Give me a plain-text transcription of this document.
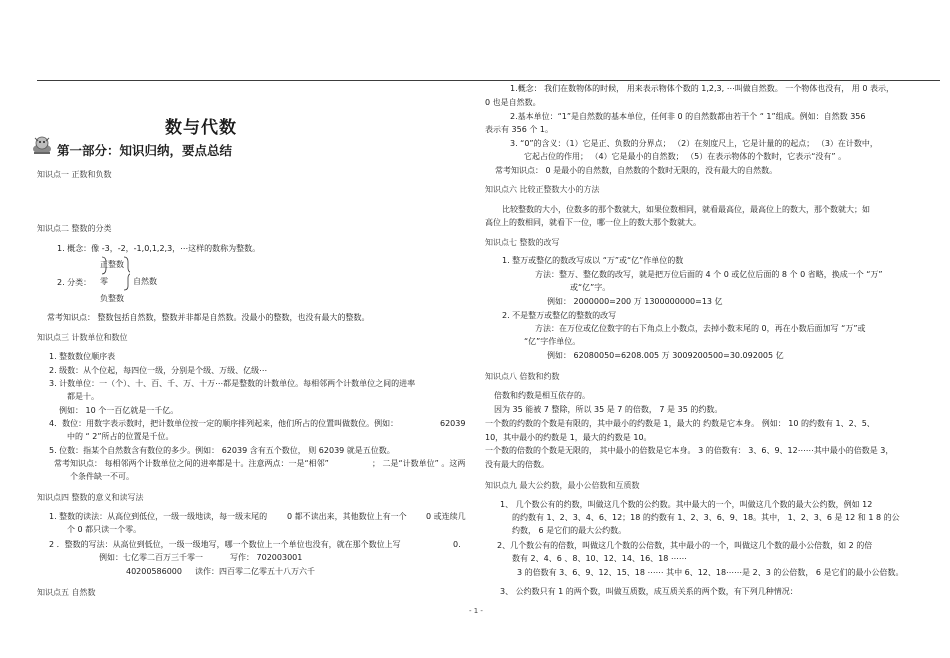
数与代数
第一部分：知识归纳，要点总结
知识点一 正数和负数
知识点二 整数的分类
1. 概念：像 -3，-2，-1,0,1,2,3，⋯这样的数称为整数。
2. 分类：
正整数
零
负整数
自然数
常考知识点： 整数包括自然数，整数并非都是自然数。没最小的整数，也没有最大的整数。
知识点三 计数单位和数位
1. 整数数位顺序表
2. 级数：从个位起，每四位一级，分别是个级、万级、亿级⋯
3. 计数单位：一（个）、十、百、千、万、十万⋯都是整数的计数单位。每相邻两个计数单位之间的进率
都是十。
例如： 10 个一百亿就是一千亿。
4．数位：用数字表示数时，把计数单位按一定的顺序排列起来，他们所占的位置叫做数位。例如：	62039
中的 “ 2”所占的位置是千位。
5. 位数：指某个自然数含有数位的多少。例如： 62039 含有五个数位， 则 62039 就是五位数。
常考知识点： 每相邻两个计数单位之间的进率都是十。注意两点：一是“相邻”	； 二是“计数单位” 。这两
个条件缺一不可。
知识点四 整数的意义和读写法
1. 整数的读法：从高位到低位，一级一级地读，每一级末尾的 0 都不读出来，其他数位上有一个 0 或连续几
个 0 都只读一个零。
2 ．整数的写法：从高位到低位，一级一级地写，哪一个数位上一个单位也没有，就在那个数位上写	0.
例如：七亿零二百万三千零一	写作： 702003001
40200586000 读作：四百零二亿零五十八万六千
知识点五 自然数
1.概念： 我们在数物体的时候， 用来表示物体个数的 1,2,3, ⋯叫做自然数。 一个物体也没有， 用 0 表示，
0 也是自然数。
2.基本单位：“1”是自然数的基本单位，任何非 0 的自然数都由若干个 “ 1”组成。例如：自然数 356
表示有 356 个 1。
3. “0”的含义：（1）它是正、负数的分界点； （2）在刻度尺上，它是计量的的起点； （3）在计数中，
它起占位的作用； （4）它是最小的自然数； （5）在表示物体的个数时，它表示“没有” 。
常考知识点： 0 是最小的自然数，自然数的个数时无限的，没有最大的自然数。
知识点六 比较正整数大小的方法
比较整数的大小，位数多的那个数就大，如果位数相同，就看最高位，最高位上的数大，那个数就大；如
高位上的数相同，就看下一位，哪一位上的数大那个数就大。
知识点七 整数的改写
1. 整万或整亿的数改写成以 “万”或“亿”作单位的数
方法：整万、整亿数的改写，就是把万位后面的 4 个 0 或亿位后面的 8 个 0 省略，换成一个 “万”
或“亿”字。
例如： 2000000=200 万 1300000000=13 亿
2. 不是整万或整亿的整数的改写
方法：在万位或亿位数字的右下角点上小数点，去掉小数末尾的 0，再在小数后面加写 “万”或
“亿”字作单位。
例如： 62080050=6208.005 万 3009200500=30.092005 亿
知识点八 倍数和约数
倍数和约数是相互依存的。
因为 35 能被 7 整除，所以 35 是 7 的倍数， 7 是 35 的约数。
一个数的约数的个数是有限的，其中最小的约数是 1，最大的 约数是它本身。 例如： 10 的约数有 1、2、5、
10，其中最小的约数是 1，最大的约数是 10。
一个数的倍数的个数是无限的， 其中最小的倍数是它本身。 3 的倍数有： 3、6、9、12⋯⋯其中最小的倍数是 3，
没有最大的倍数。
知识点九 最大公约数，最小公倍数和互质数
1、 几个数公有的约数，叫做这几个数的公约数。其中最大的一个，叫做这几个数的最大公约数，例如 12
的约数有 1、2、3、4、6、12；18 的约数有 1、2、3、6、9、18。其中， 1、2、3、6 是 12 和 1 8 的公
约数， 6 是它们的最大公约数。
2、几个数公有的倍数，叫做这几个数的公倍数，其中最小的一个，叫做这几个数的最小公倍数，如 2 的倍
数有 2、4、6 、8、10、12、14、16、18 ⋯⋯
3 的倍数有 3、6、9、12、15、18 ⋯⋯ 其中 6、12、18⋯⋯是 2、3 的公倍数， 6 是它们的最小公倍数。
3、 公约数只有 1 的两个数，叫做互质数，成互质关系的两个数，有下列几种情况：
- 1 -
